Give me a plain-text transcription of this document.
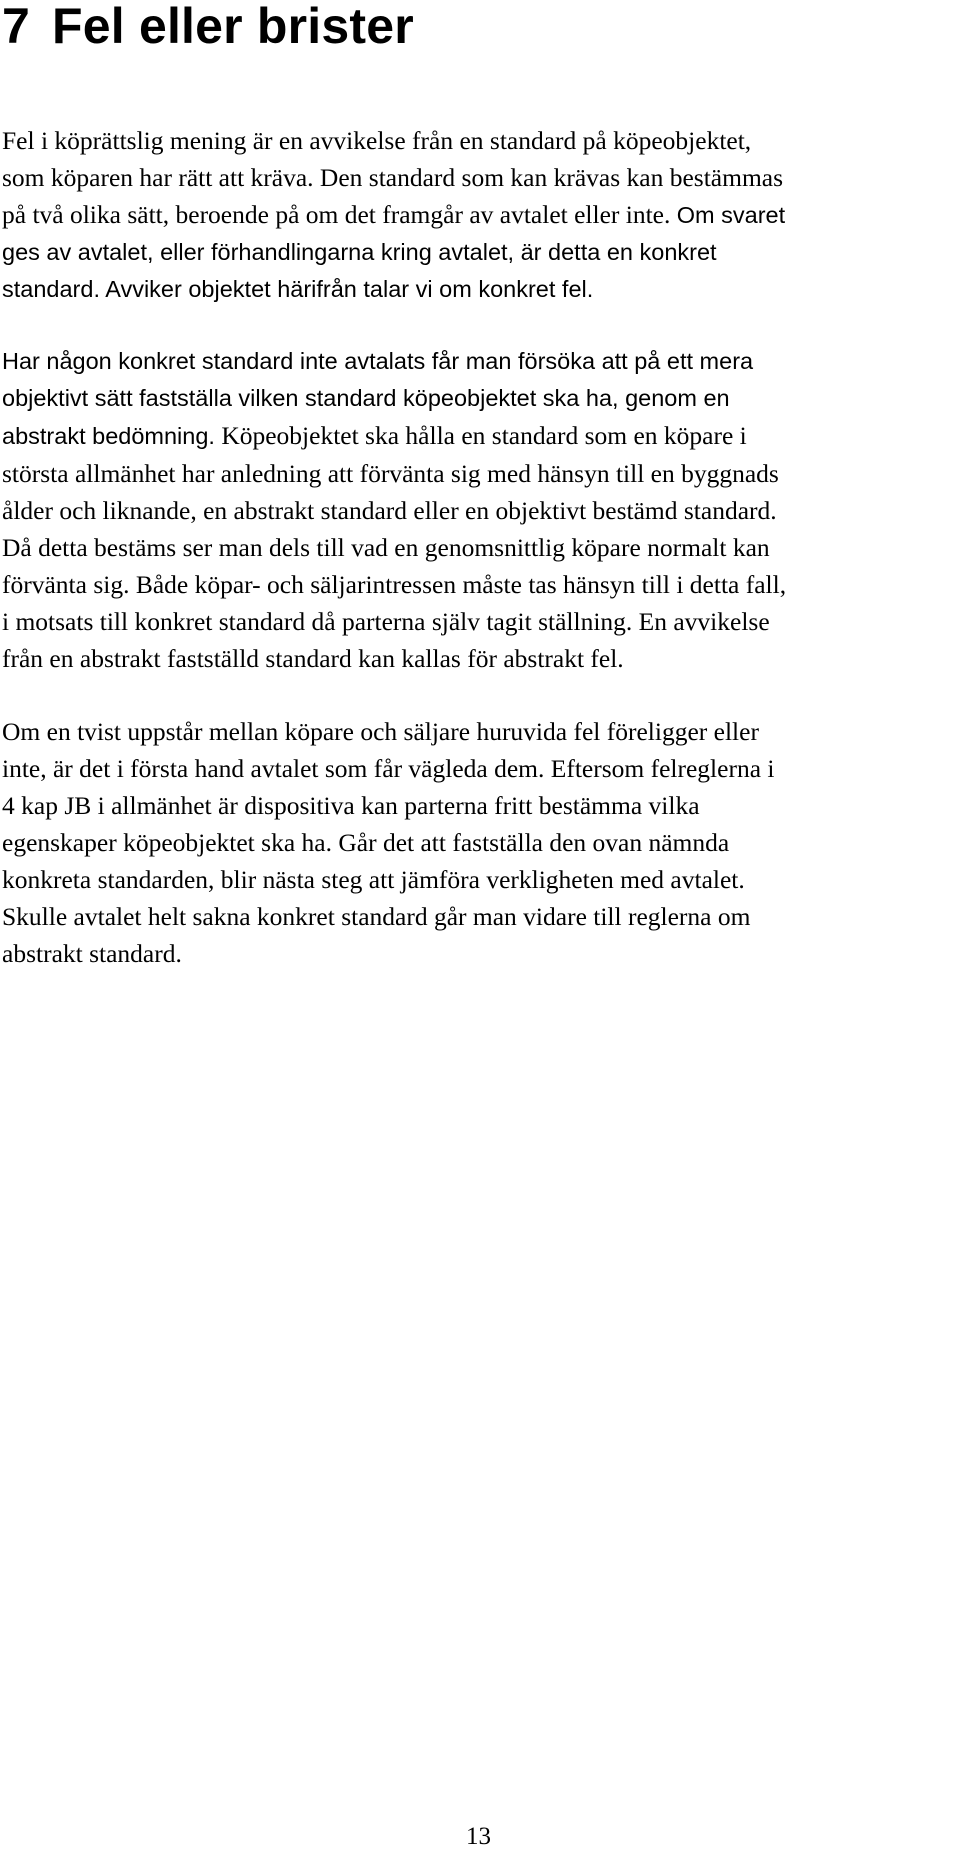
7 Fel eller brister

Fel i köprättslig mening är en avvikelse från en standard på köpeobjektet,
som köparen har rätt att kräva. Den standard som kan krävas kan bestämmas
på två olika sätt, beroende på om det framgår av avtalet eller inte. Om svaret
ges av avtalet, eller förhandlingarna kring avtalet, är detta en konkret
standard. Avviker objektet härifrån talar vi om konkret fel.

Har någon konkret standard inte avtalats får man försöka att på ett mera
objektivt sätt fastställa vilken standard köpeobjektet ska ha, genom en
abstrakt bedömning. Köpeobjektet ska hålla en standard som en köpare i
största allmänhet har anledning att förvänta sig med hänsyn till en byggnads
ålder och liknande, en abstrakt standard eller en objektivt bestämd standard.
Då detta bestäms ser man dels till vad en genomsnittlig köpare normalt kan
förvänta sig. Både köpar- och säljarintressen måste tas hänsyn till i detta fall,
i motsats till konkret standard då parterna själv tagit ställning. En avvikelse
från en abstrakt fastställd standard kan kallas för abstrakt fel.

Om en tvist uppstår mellan köpare och säljare huruvida fel föreligger eller
inte, är det i första hand avtalet som får vägleda dem. Eftersom felreglerna i
4 kap JB i allmänhet är dispositiva kan parterna fritt bestämma vilka
egenskaper köpeobjektet ska ha. Går det att fastställa den ovan nämnda
konkreta standarden, blir nästa steg att jämföra verkligheten med avtalet.
Skulle avtalet helt sakna konkret standard går man vidare till reglerna om
abstrakt standard.

13
